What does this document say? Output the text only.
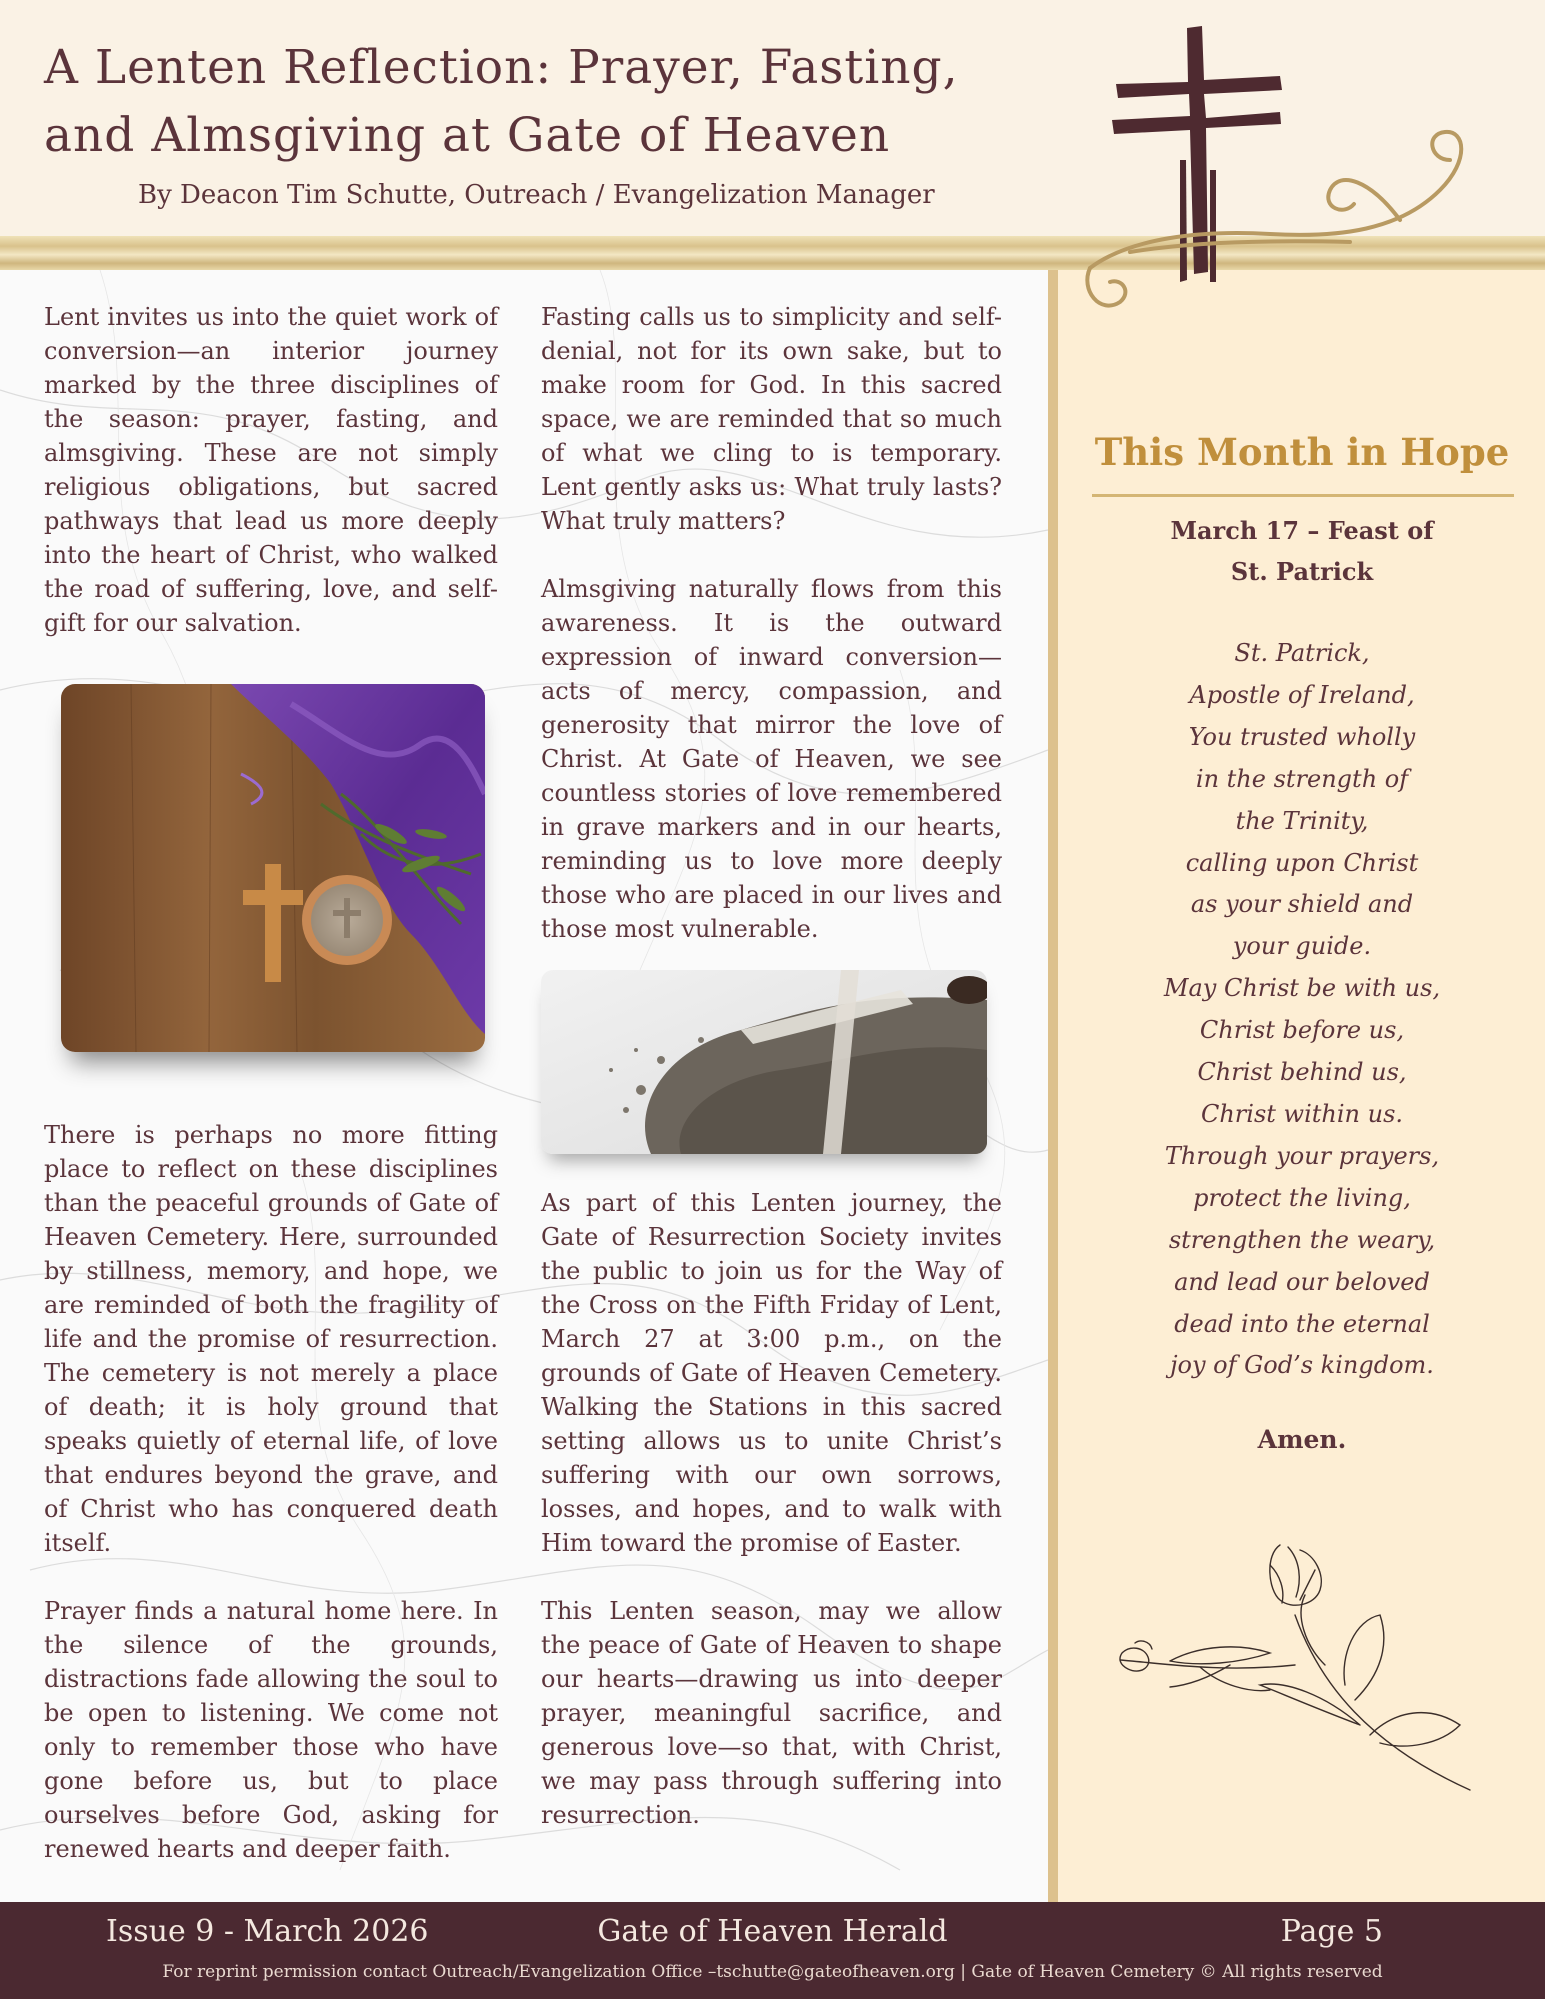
A Lenten Reflection: Prayer, Fasting,
and Almsgiving at Gate of Heaven
By Deacon Tim Schutte, Outreach / Evangelization Manager

Lent invites us into the quiet work of conversion—an interior journey marked by the three disciplines of the season: prayer, fasting, and almsgiving. These are not simply religious obligations, but sacred pathways that lead us more deeply into the heart of Christ, who walked the road of suffering, love, and self-gift for our salvation.

There is perhaps no more fitting place to reflect on these disciplines than the peaceful grounds of Gate of Heaven Cemetery. Here, surrounded by stillness, memory, and hope, we are reminded of both the fragility of life and the promise of resurrection. The cemetery is not merely a place of death; it is holy ground that speaks quietly of eternal life, of love that endures beyond the grave, and of Christ who has conquered death itself.

Prayer finds a natural home here. In the silence of the grounds, distractions fade allowing the soul to be open to listening. We come not only to remember those who have gone before us, but to place ourselves before God, asking for renewed hearts and deeper faith.

Fasting calls us to simplicity and self-denial, not for its own sake, but to make room for God. In this sacred space, we are reminded that so much of what we cling to is temporary. Lent gently asks us: What truly lasts? What truly matters?

Almsgiving naturally flows from this awareness. It is the outward expression of inward conversion—acts of mercy, compassion, and generosity that mirror the love of Christ. At Gate of Heaven, we see countless stories of love remembered in grave markers and in our hearts, reminding us to love more deeply those who are placed in our lives and those most vulnerable.

As part of this Lenten journey, the Gate of Resurrection Society invites the public to join us for the Way of the Cross on the Fifth Friday of Lent, March 27 at 3:00 p.m., on the grounds of Gate of Heaven Cemetery. Walking the Stations in this sacred setting allows us to unite Christ’s suffering with our own sorrows, losses, and hopes, and to walk with Him toward the promise of Easter.

This Lenten season, may we allow the peace of Gate of Heaven to shape our hearts—drawing us into deeper prayer, meaningful sacrifice, and generous love—so that, with Christ, we may pass through suffering into resurrection.

This Month in Hope
March 17 – Feast of
St. Patrick
St. Patrick,
Apostle of Ireland,
You trusted wholly
in the strength of
the Trinity,
calling upon Christ
as your shield and
your guide.
May Christ be with us,
Christ before us,
Christ behind us,
Christ within us.
Through your prayers,
protect the living,
strengthen the weary,
and lead our beloved
dead into the eternal
joy of God’s kingdom.
Amen.
Gate of Heaven Herald
Issue 9 - March 2026	Page 5
For reprint permission contact Outreach/Evangelization Office –tschutte@gateofheaven.org | Gate of Heaven Cemetery © All rights reserved
